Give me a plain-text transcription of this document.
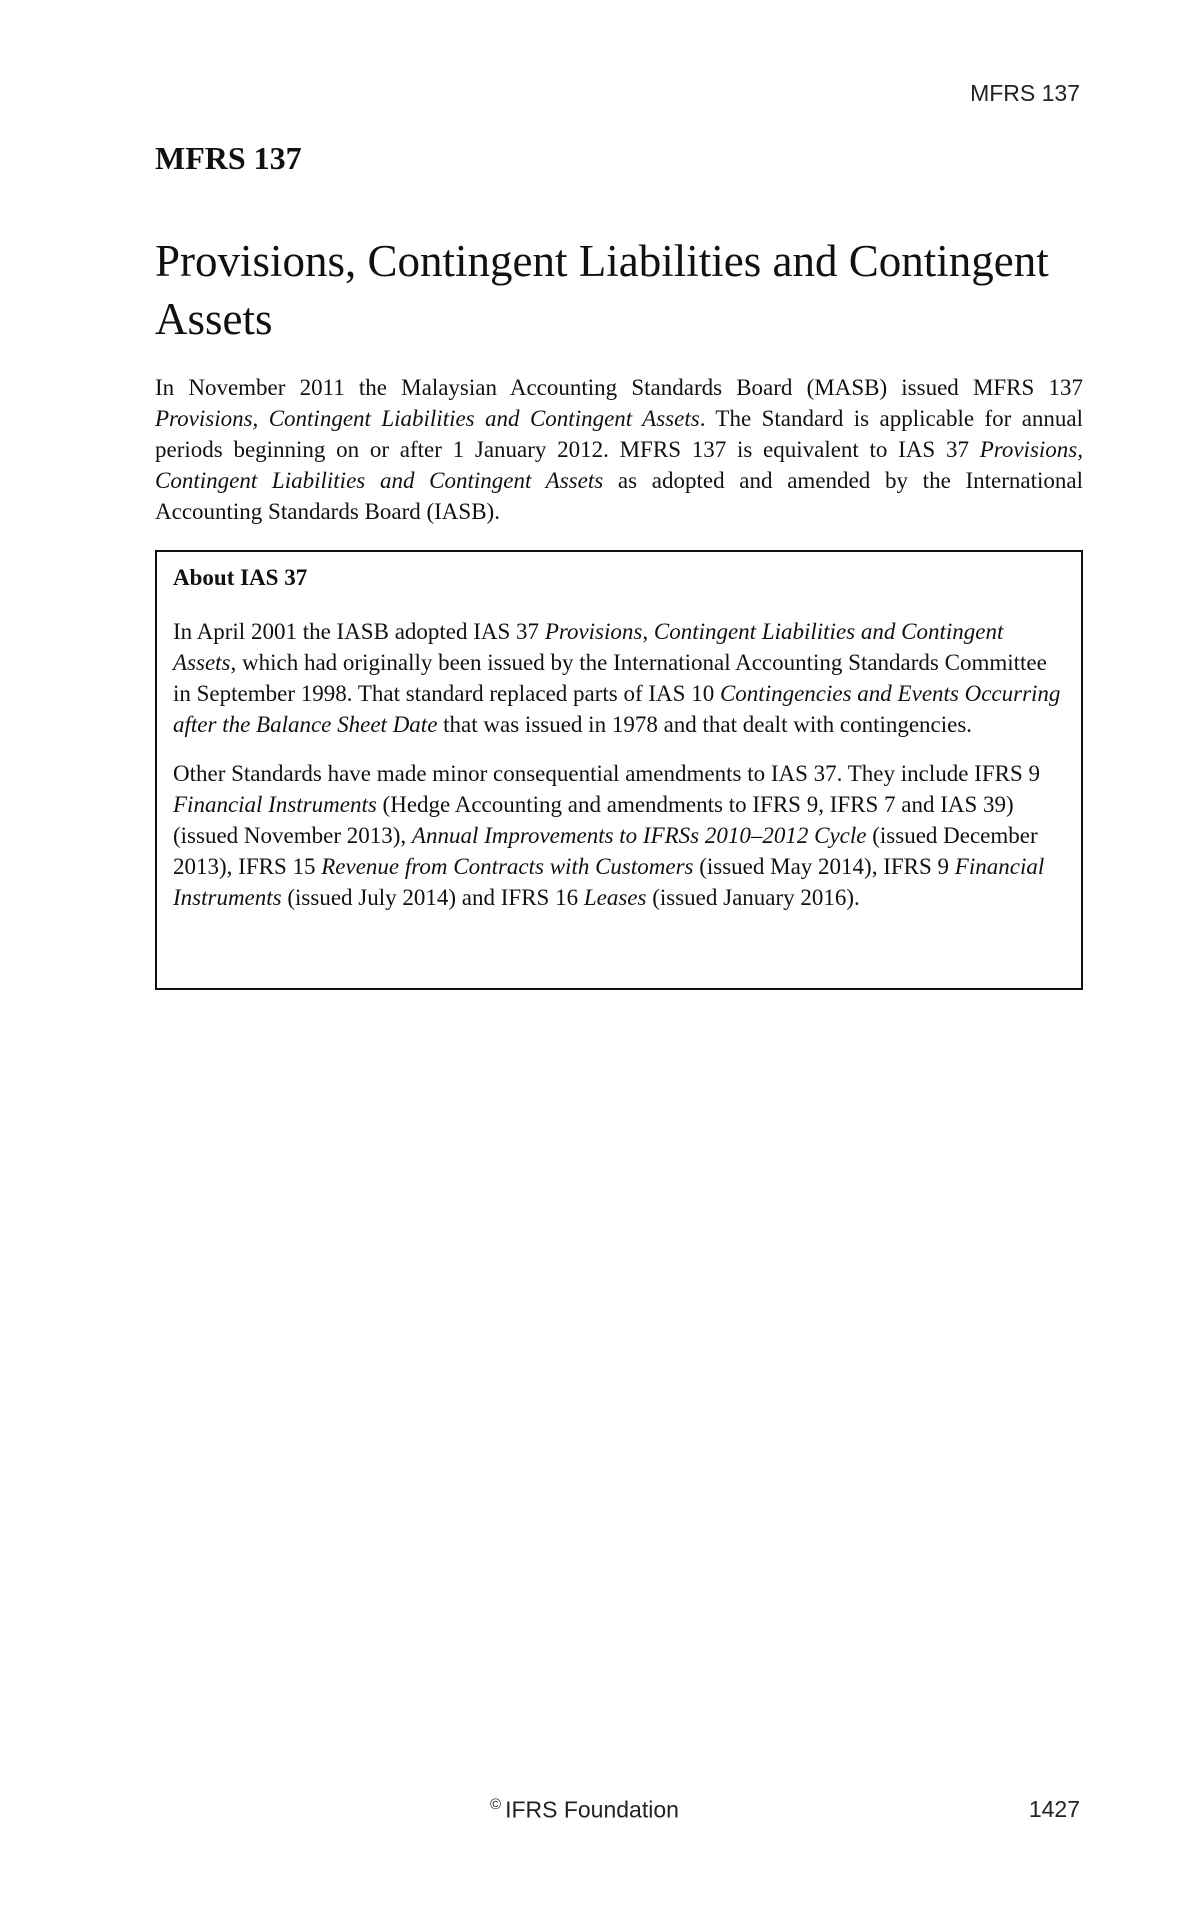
MFRS 137
MFRS 137
Provisions, Contingent Liabilities and Contingent Assets

In November 2011 the Malaysian Accounting Standards Board (MASB) issued MFRS 137 Provisions, Contingent Liabilities and Contingent Assets. The Standard is applicable for annual periods beginning on or after 1 January 2012. MFRS 137 is equivalent to IAS 37 Provisions, Contingent Liabilities and Contingent Assets as adopted and amended by the International Accounting Standards Board (IASB).

About IAS 37

In April 2001 the IASB adopted IAS 37 Provisions, Contingent Liabilities and Contingent Assets, which had originally been issued by the International Accounting Standards Committee in September 1998. That standard replaced parts of IAS 10 Contingencies and Events Occurring after the Balance Sheet Date that was issued in 1978 and that dealt with contingencies.

Other Standards have made minor consequential amendments to IAS 37. They include IFRS 9 Financial Instruments (Hedge Accounting and amendments to IFRS 9, IFRS 7 and IAS 39) (issued November 2013), Annual Improvements to IFRSs 2010–2012 Cycle (issued December 2013), IFRS 15 Revenue from Contracts with Customers (issued May 2014), IFRS 9 Financial Instruments (issued July 2014) and IFRS 16 Leases (issued January 2016).

© IFRS Foundation	1427
